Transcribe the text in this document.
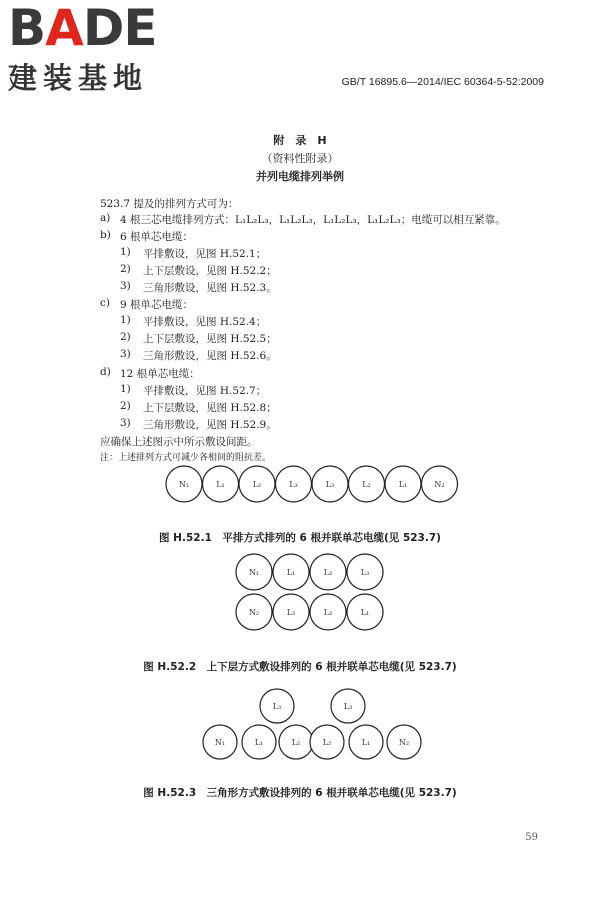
BADE
建装基地	GB/T 16895.6—2014/IEC 60364-5-52:2009
附　录　H
（资料性附录）
并列电缆排列举例
523.7 提及的排列方式可为：
a) 4 根三芯电缆排列方式：L₁L₂L₃，L₁L₂L₃，L₁L₂L₃，L₁L₂L₃；电缆可以相互紧靠。
b) 6 根单芯电缆：
1) 平排敷设，见图 H.52.1；
2) 上下层敷设，见图 H.52.2；
3) 三角形敷设，见图 H.52.3。
c) 9 根单芯电缆：
1) 平排敷设，见图 H.52.4；
2) 上下层敷设，见图 H.52.5；
3) 三角形敷设，见图 H.52.6。
d) 12 根单芯电缆：
1) 平排敷设，见图 H.52.7；
2) 上下层敷设，见图 H.52.8；
3) 三角形敷设，见图 H.52.9。
应确保上述图示中所示敷设间距。
注：上述排列方式可减少各相间的阻抗差。
N₁	L₁	L₂	L₃	L₃	L₂	L₁	N₂
图 H.52.1　平排方式排列的 6 根并联单芯电缆(见 523.7)
N₁	L₁	L₂	L₃
N₂	L₃	L₂	L₁
图 H.52.2　上下层方式敷设排列的 6 根并联单芯电缆(见 523.7)
N₁	L₁	L₂	L₂	L₁	N₂
L₃	L₃
图 H.52.3　三角形方式敷设排列的 6 根并联单芯电缆(见 523.7)
59
